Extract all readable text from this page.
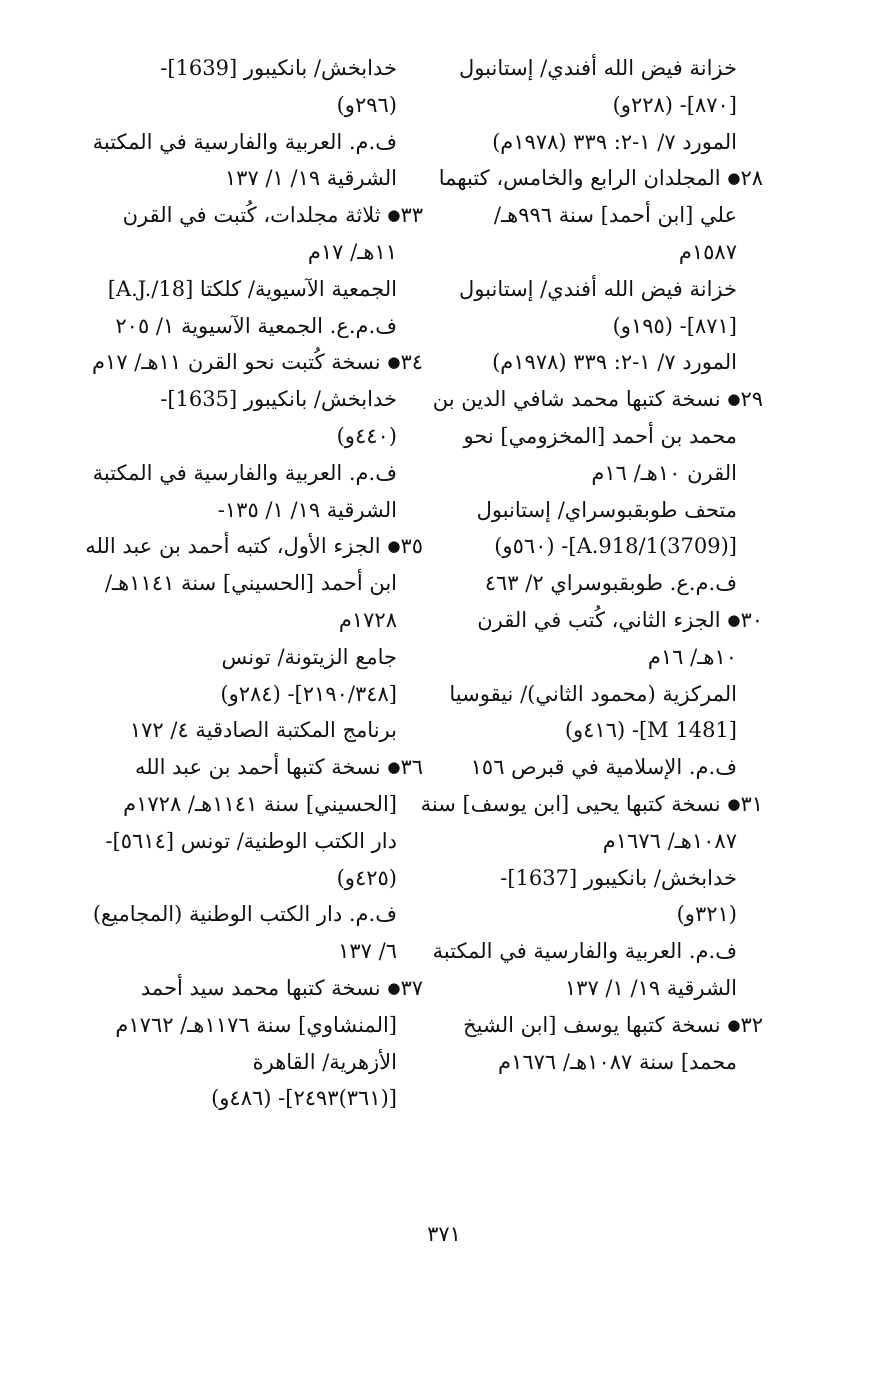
خزانة فيض الله أفندي/ إستانبول
[٨٧٠]- (٢٢٨و)
المورد ٧/ ١-٢: ٣٣٩ (١٩٧٨م)
٢٨● المجلدان الرابع والخامس، كتبهما
علي [ابن أحمد] سنة ٩٩٦هـ/
١٥٨٧م
خزانة فيض الله أفندي/ إستانبول
[٨٧١]- (١٩٥و)
المورد ٧/ ١-٢: ٣٣٩ (١٩٧٨م)
٢٩● نسخة كتبها محمد شافي الدين بن
محمد بن أحمد [المخزومي] نحو
القرن ١٠هـ/ ١٦م
متحف طوبقبوسراي/ إستانبول
[A.918/1(3709)]- (٥٦٠و)
ف.م.ع. طوبقبوسراي ٢/ ٤٦٣
٣٠● الجزء الثاني، كُتب في القرن
١٠هـ/ ١٦م
المركزية (محمود الثاني)/ نيقوسيا
[M 1481]- (٤١٦و)
ف.م. الإسلامية في قبرص ١٥٦
٣١● نسخة كتبها يحيى [ابن يوسف] سنة
١٠٨٧هـ/ ١٦٧٦م
خدابخش/ بانكيبور [1637]-
(٣٢١و)
ف.م. العربية والفارسية في المكتبة
الشرقية ١٩/ ١/ ١٣٧
٣٢● نسخة كتبها يوسف [ابن الشيخ
محمد] سنة ١٠٨٧هـ/ ١٦٧٦م
خدابخش/ بانكيبور [1639]-
(٢٩٦و)
ف.م. العربية والفارسية في المكتبة
الشرقية ١٩/ ١/ ١٣٧
٣٣● ثلاثة مجلدات، كُتبت في القرن
١١هـ/ ١٧م
الجمعية الآسيوية/ كلكتا [A.J./18]
ف.م.ع. الجمعية الآسيوية ١/ ٢٠٥
٣٤● نسخة كُتبت نحو القرن ١١هـ/ ١٧م
خدابخش/ بانكيبور [1635]-
(٤٤٠و)
ف.م. العربية والفارسية في المكتبة
الشرقية ١٩/ ١/ ١٣٥-
٣٥● الجزء الأول، كتبه أحمد بن عبد الله
ابن أحمد [الحسيني] سنة ١١٤١هـ/
١٧٢٨م
جامع الزيتونة/ تونس
[٢١٩٠/٣٤٨]- (٢٨٤و)
برنامج المكتبة الصادقية ٤/ ١٧٢
٣٦● نسخة كتبها أحمد بن عبد الله
[الحسيني] سنة ١١٤١هـ/ ١٧٢٨م
دار الكتب الوطنية/ تونس [٥٦١٤]-
(٤٢٥و)
ف.م. دار الكتب الوطنية (المجاميع)
٦/ ١٣٧
٣٧● نسخة كتبها محمد سيد أحمد
[المنشاوي] سنة ١١٧٦هـ/ ١٧٦٢م
الأزهرية/ القاهرة
[(٣٦١)٢٤٩٣]- (٤٨٦و)
٣٧١
